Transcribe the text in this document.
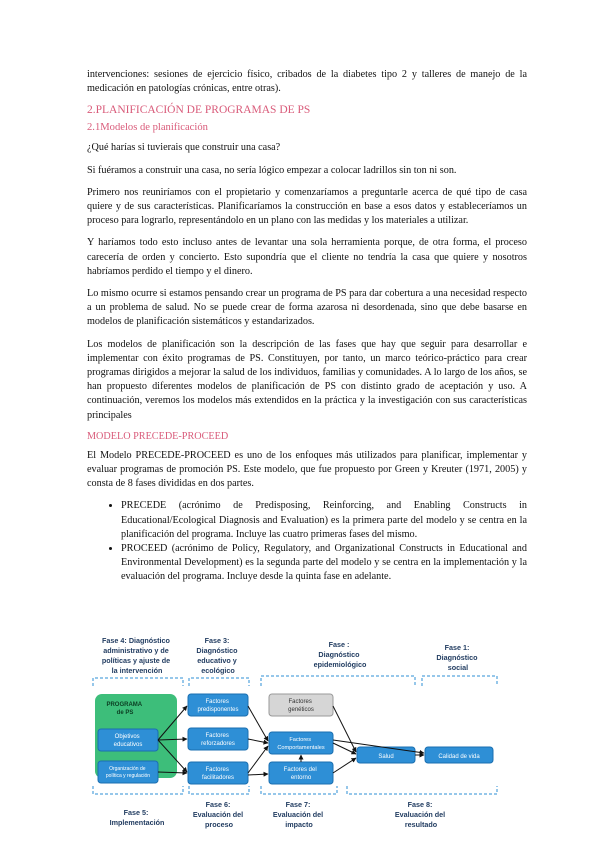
intervenciones: sesiones de ejercicio físico, cribados de la diabetes tipo 2 y talleres de manejo de la medicación en patologías crónicas, entre otras).

2.PLANIFICACIÓN DE PROGRAMAS DE PS
2.1Modelos de planificación

¿Qué harías si tuvierais que construir una casa?

Si fuéramos a construir una casa, no sería lógico empezar a colocar ladrillos sin ton ni son.

Primero nos reuniríamos con el propietario y comenzaríamos a preguntarle acerca de qué tipo de casa quiere y de sus características. Planificaríamos la construcción en base a esos datos y estableceríamos un proceso para lograrlo, representándolo en un plano con las medidas y los materiales a utilizar.

Y haríamos todo esto incluso antes de levantar una sola herramienta porque, de otra forma, el proceso carecería de orden y concierto. Esto supondría que el cliente no tendría la casa que quiere y nosotros habríamos perdido el tiempo y el dinero.

Lo mismo ocurre si estamos pensando crear un programa de PS para dar cobertura a una necesidad respecto a un problema de salud. No se puede crear de forma azarosa ni desordenada, sino que debe basarse en modelos de planificación sistemáticos y estandarizados.

Los modelos de planificación son la descripción de las fases que hay que seguir para desarrollar e implementar con éxito programas de PS. Constituyen, por tanto, un marco teórico-práctico para crear programas dirigidos a mejorar la salud de los individuos, familias y comunidades. A lo largo de los años, se han propuesto diferentes modelos de planificación de PS con distinto grado de aceptación y uso. A continuación, veremos los modelos más extendidos en la práctica y la investigación con sus características principales

MODELO PRECEDE-PROCEED

El Modelo PRECEDE-PROCEED es uno de los enfoques más utilizados para planificar, implementar y evaluar programas de promoción PS. Este modelo, que fue propuesto por Green y Kreuter (1971, 2005) y consta de 8 fases divididas en dos partes.

• PRECEDE (acrónimo de Predisposing, Reinforcing, and Enabling Constructs in Educational/Ecological Diagnosis and Evaluation) es la primera parte del modelo y se centra en la planificación del programa. Incluye las cuatro primeras fases del mismo.
• PROCEED (acrónimo de Policy, Regulatory, and Organizational Constructs in Educational and Environmental Development) es la segunda parte del modelo y se centra en la implementación y la evaluación del programa. Incluye desde la quinta fase en adelante.
Fase 4: Diagnóstico administrativo y de políticas y ajuste de la intervención
Fase 3: Diagnóstico educativo y ecológico
Fase : Diagnóstico epidemiológico
Fase 1: Diagnóstico social
PROGRAMA de PS
Objetivos educativos
Organización de política y regulación
Factores predisponentes
Factores reforzadores
Factores facilitadores
Factores genéticos
Factores Comportamentales
Factores del entorno
Salud	Calidad de vida
Fase 5: Implementación
Fase 6: Evaluación del proceso
Fase 7: Evaluación del impacto
Fase 8: Evaluación del resultado
